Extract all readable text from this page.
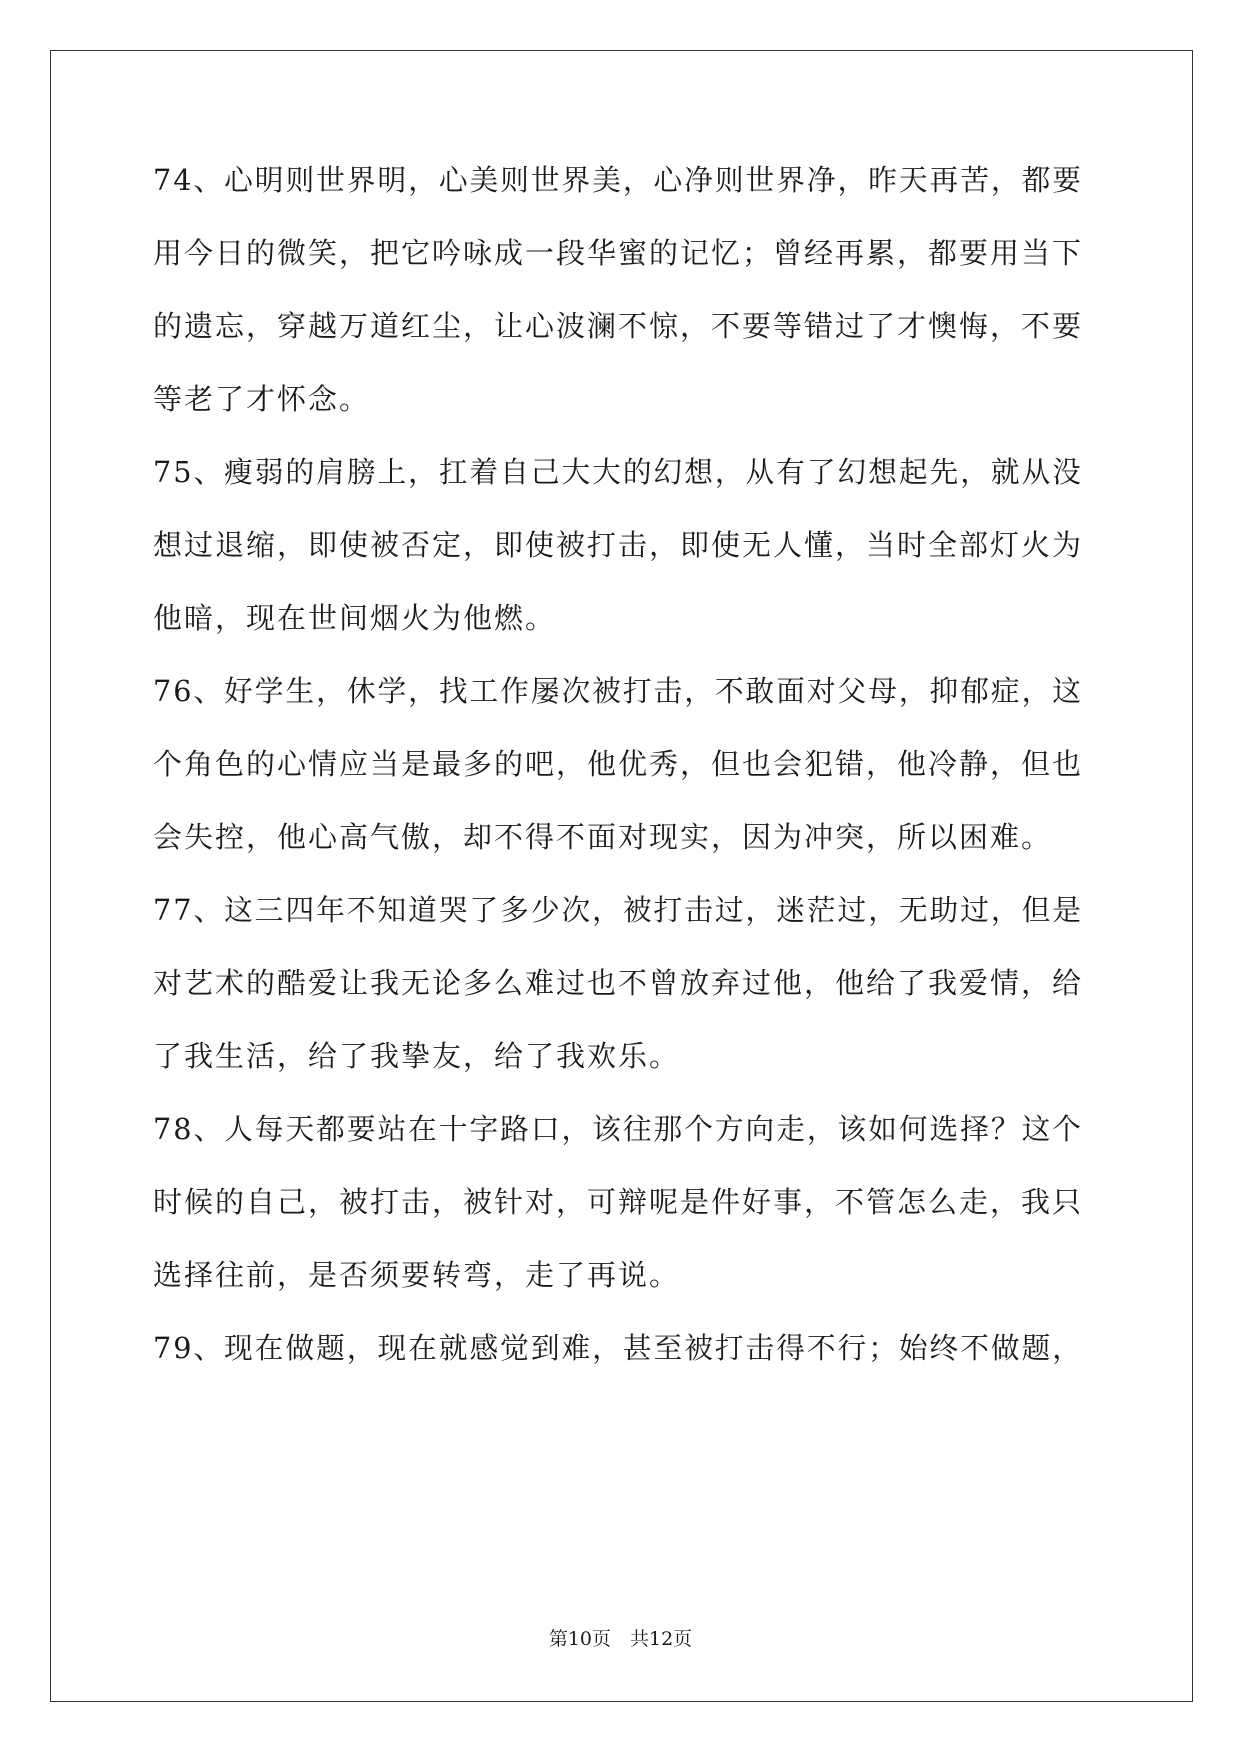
74、心明则世界明，心美则世界美，心净则世界净，昨天再苦，都要
用今日的微笑，把它吟咏成一段华蜜的记忆；曾经再累，都要用当下
的遗忘，穿越万道红尘，让心波澜不惊，不要等错过了才懊悔，不要
等老了才怀念。
75、瘦弱的肩膀上，扛着自己大大的幻想，从有了幻想起先，就从没
想过退缩，即使被否定，即使被打击，即使无人懂，当时全部灯火为
他暗，现在世间烟火为他燃。
76、好学生，休学，找工作屡次被打击，不敢面对父母，抑郁症，这
个角色的心情应当是最多的吧，他优秀，但也会犯错，他冷静，但也
会失控，他心高气傲，却不得不面对现实，因为冲突，所以困难。
77、这三四年不知道哭了多少次，被打击过，迷茫过，无助过，但是
对艺术的酷爱让我无论多么难过也不曾放弃过他，他给了我爱情，给
了我生活，给了我挚友，给了我欢乐。
78、人每天都要站在十字路口，该往那个方向走，该如何选择？这个
时候的自己，被打击，被针对，可辩呢是件好事，不管怎么走，我只
选择往前，是否须要转弯，走了再说。
79、现在做题，现在就感觉到难，甚至被打击得不行；始终不做题，
第10页　共12页
